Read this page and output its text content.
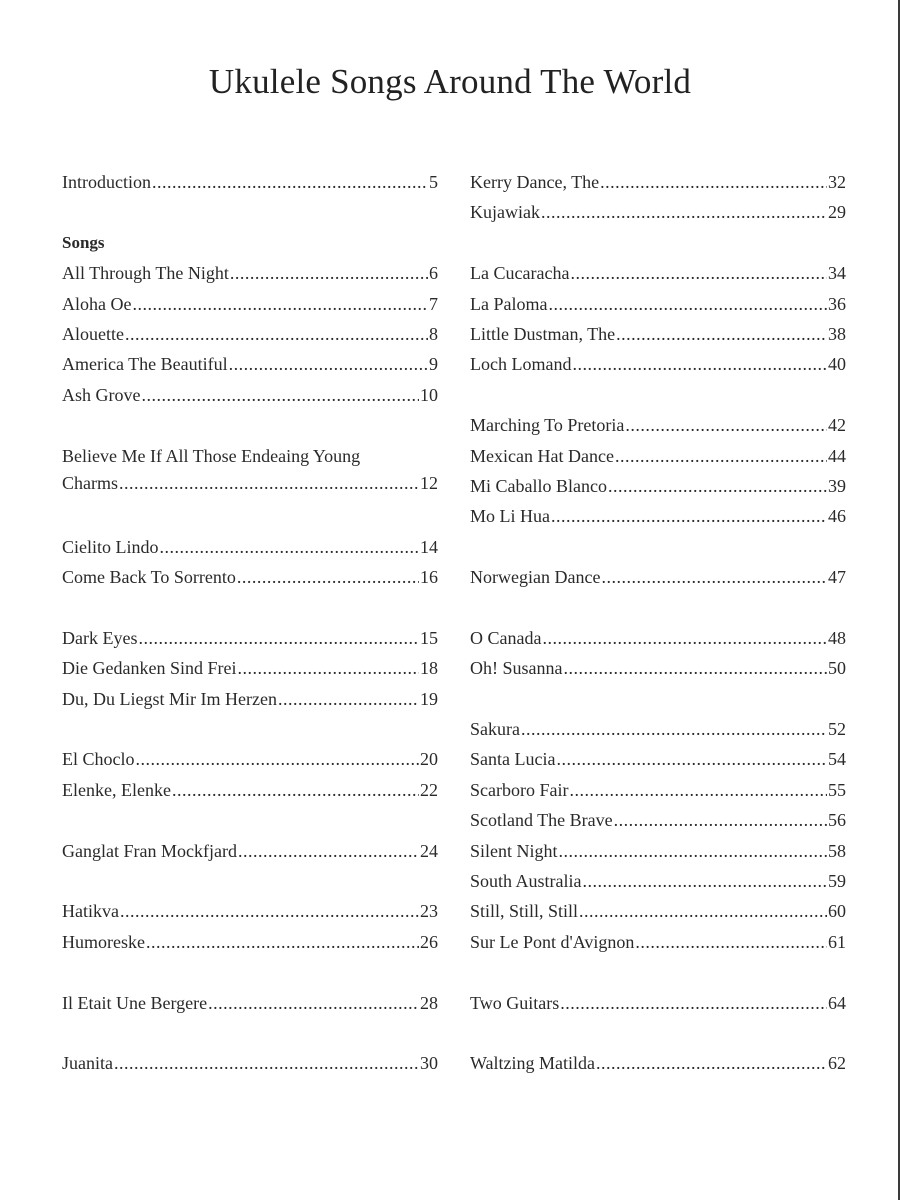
Ukulele Songs Around The World
Introduction .....	5
Songs
All Through The Night .....	6
Aloha Oe .....	7
Alouette .....	8
America The Beautiful .....	9
Ash Grove .....	10
Believe Me If All Those Endeaing Young
Charms .....	12
Cielito Lindo .....	14
Come Back To Sorrento .....	16
Dark Eyes .....	15
Die Gedanken Sind Frei .....	18
Du, Du Liegst Mir Im Herzen .....	19
El Choclo .....	20
Elenke, Elenke .....	22
Ganglat Fran Mockfjard .....	24
Hatikva .....	23
Humoreske .....	26
Il Etait Une Bergere .....	28
Juanita .....	30
Kerry Dance, The .....	32
Kujawiak .....	29
La Cucaracha .....	34
La Paloma .....	36
Little Dustman, The .....	38
Loch Lomand .....	40
Marching To Pretoria .....	42
Mexican Hat Dance .....	44
Mi Caballo Blanco .....	39
Mo Li Hua .....	46
Norwegian Dance .....	47
O Canada .....	48
Oh! Susanna .....	50
Sakura .....	52
Santa Lucia .....	54
Scarboro Fair .....	55
Scotland The Brave .....	56
Silent Night .....	58
South Australia .....	59
Still, Still, Still .....	60
Sur Le Pont d'Avignon .....	61
Two Guitars .....	64
Waltzing Matilda .....	62
